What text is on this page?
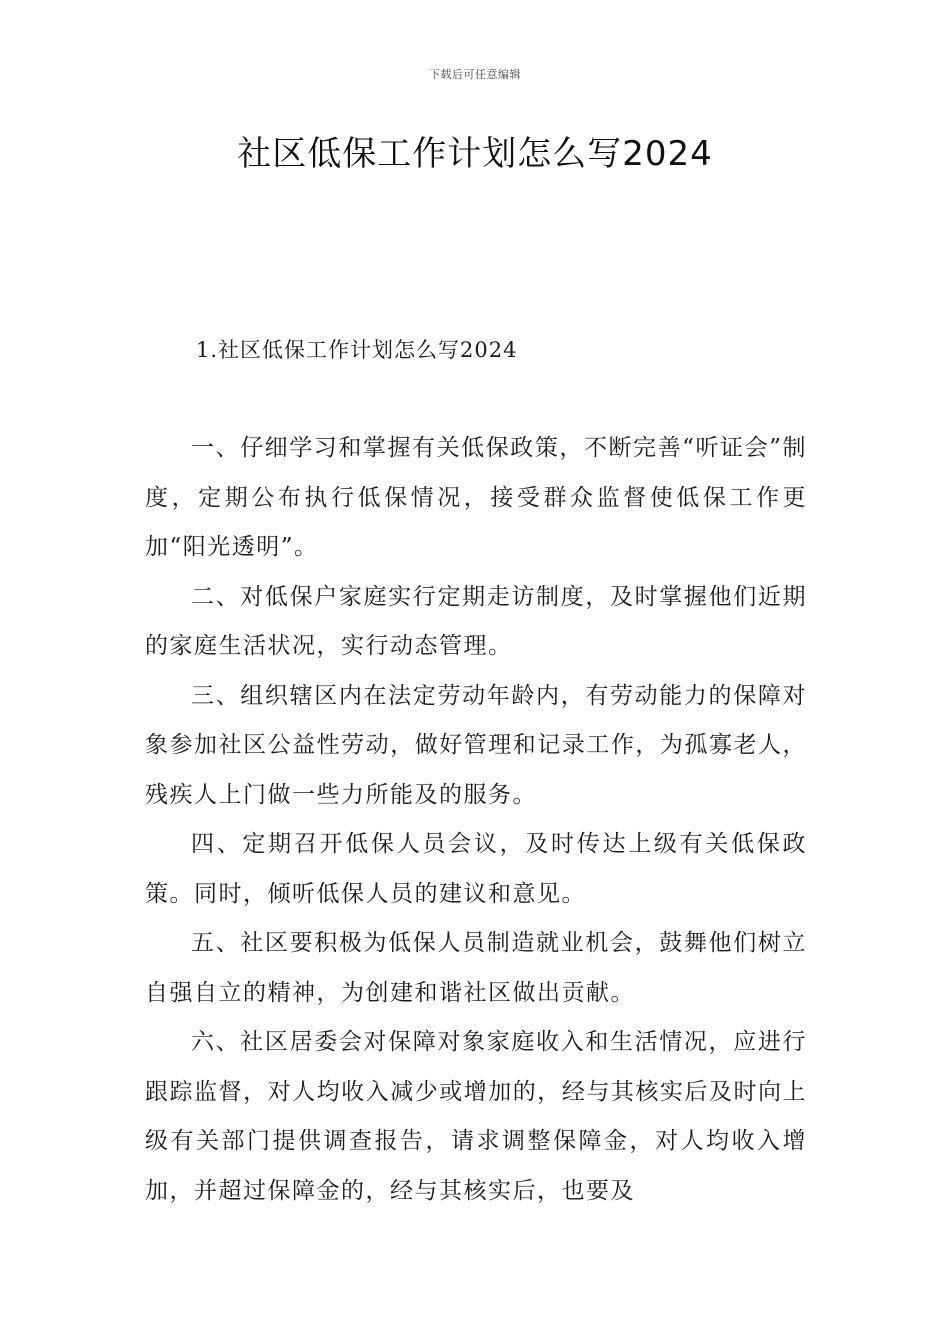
下载后可任意编辑
社区低保工作计划怎么写2024
1.社区低保工作计划怎么写2024

一、仔细学习和掌握有关低保政策，不断完善“听证会”制度，定期公布执行低保情况，接受群众监督使低保工作更加“阳光透明”。

二、对低保户家庭实行定期走访制度，及时掌握他们近期的家庭生活状况，实行动态管理。

三、组织辖区内在法定劳动年龄内，有劳动能力的保障对象参加社区公益性劳动，做好管理和记录工作，为孤寡老人，残疾人上门做一些力所能及的服务。

四、定期召开低保人员会议，及时传达上级有关低保政策。同时，倾听低保人员的建议和意见。

五、社区要积极为低保人员制造就业机会，鼓舞他们树立自强自立的精神，为创建和谐社区做出贡献。

六、社区居委会对保障对象家庭收入和生活情况，应进行跟踪监督，对人均收入减少或增加的，经与其核实后及时向上级有关部门提供调查报告，请求调整保障金，对人均收入增加，并超过保障金的，经与其核实后，也要及
